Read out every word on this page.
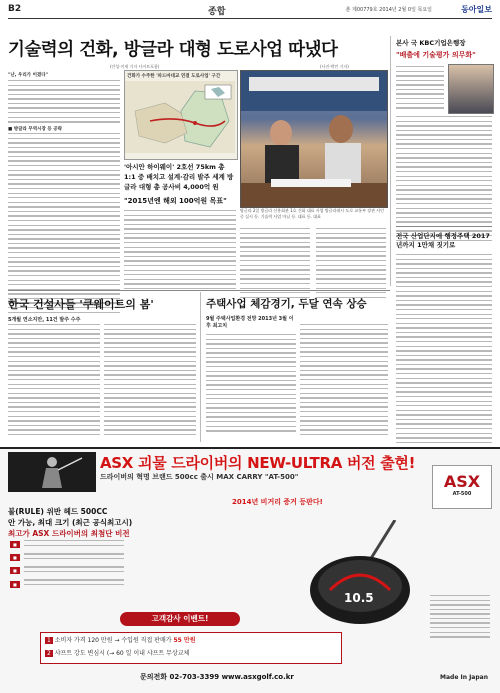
B2	종합	춘 제00779호 2014년 2월 0일 목요일	동아일보
기술력의 건화, 방글라 대형 도로사업 따냈다
(안성·이재 기자 사이트포함)	(사진·박민 기자)
"난, 우리가 이겼다"
■ 방글라 무역시장 등 공략
건화가 수주한 '파드마대교 연결 도로사업' 구간
'아시안 하이웨이' 2호선 75km 총 1:1 중 배치고 설계·감리 발주 세계 방글라 대형 총 공사비 4,000억 원
"2015년엔 해외 100억원 목표"
방글라 2일 방글라 신흥회관 1호 건화 대표 사업 방글라데시 도로 교통부 장관 사인 중 실시 등. 기술력 사업 마닐 등. 대표 등. 대표
본사 국 KBC기업은행장
"배출에 기술평가 의무화"
전국 산업단지에 행정주택 2017년까지 1만채 짓기로
한국 건설사들 '쿠웨이트의 봄'
5개월 연소지만, 11건 발주 수주
주택사업 체감경기, 두달 연속 상승
9월 주택사업환경 전망 2013년 3월 이후 최고치
ASX 괴물 드라이버의 NEW-ULTRA 버전 출현!
드라이버의 혁명 브랜드 500cc 출시 MAX CARRY "AT-500"
2014년 비거리 증거 등판다!
불(RULE) 위반 헤드 500CC
안 가능, 최대 크기 (최근 공식최고시)
최고가 ASX 드라이버의 최첨단 비전
■
■
■
■
10.5
ASX
AT-500
Made In Japan
고객감사 이벤트!
1 소비자 가격 120 만원 → 수입원 직접 판매가 55 만원
2 샤프트 강도 변심시 (→ 60 일 이내 샤프트 무상교체
문의전화 02-703-3399 www.asxgolf.co.kr
